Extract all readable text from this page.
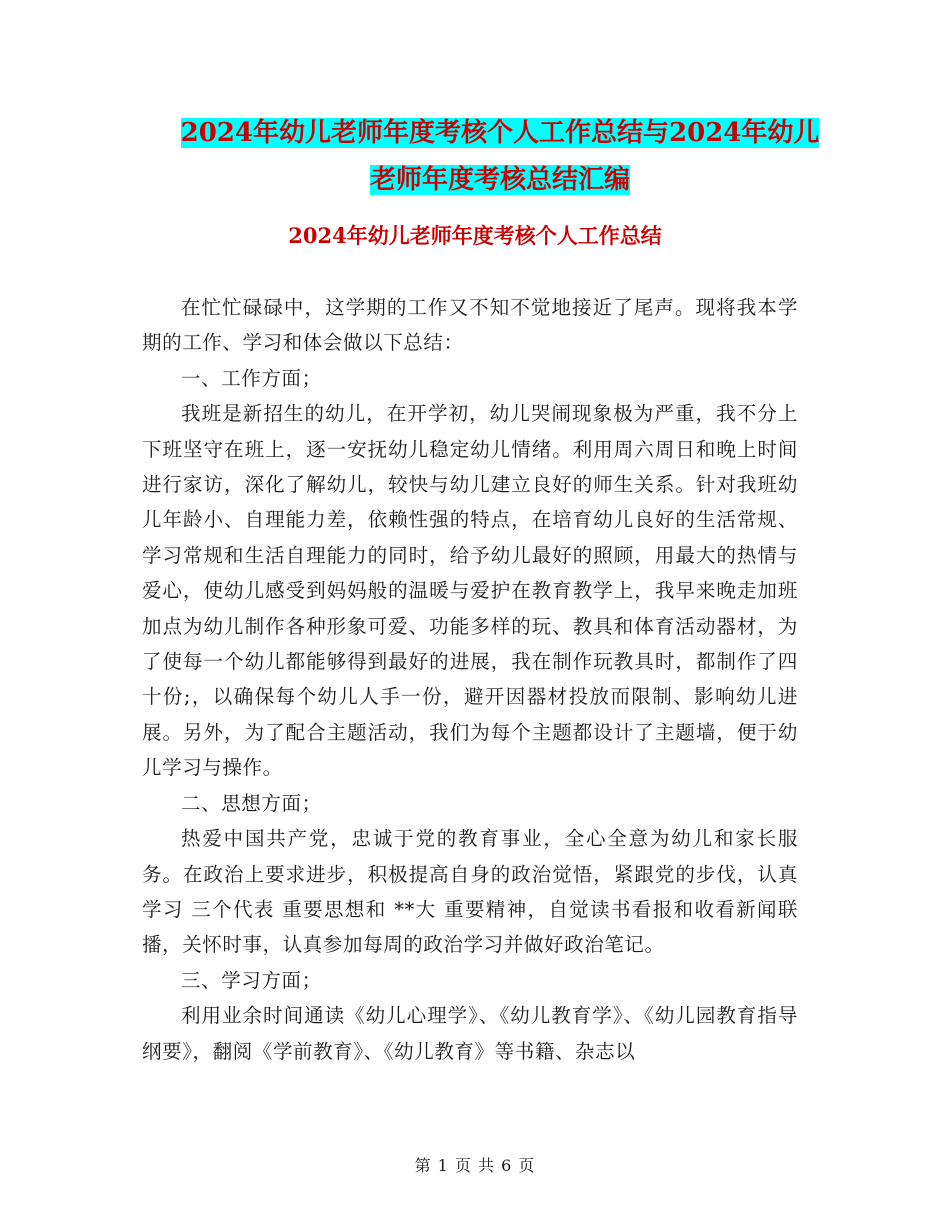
2024年幼儿老师年度考核个人工作总结与2024年幼儿
老师年度考核总结汇编
2024年幼儿老师年度考核个人工作总结

在忙忙碌碌中，这学期的工作又不知不觉地接近了尾声。现将我本学期的工作、学习和体会做以下总结：

一、工作方面；

我班是新招生的幼儿，在开学初，幼儿哭闹现象极为严重，我不分上下班坚守在班上，逐一安抚幼儿稳定幼儿情绪。利用周六周日和晚上时间进行家访，深化了解幼儿，较快与幼儿建立良好的师生关系。针对我班幼儿年龄小、自理能力差，依赖性强的特点，在培育幼儿良好的生活常规、学习常规和生活自理能力的同时，给予幼儿最好的照顾，用最大的热情与爱心，使幼儿感受到妈妈般的温暖与爱护在教育教学上，我早来晚走加班加点为幼儿制作各种形象可爱、功能多样的玩、教具和体育活动器材，为了使每一个幼儿都能够得到最好的进展，我在制作玩教具时，都制作了四十份;，以确保每个幼儿人手一份，避开因器材投放而限制、影响幼儿进展。另外，为了配合主题活动，我们为每个主题都设计了主题墙，便于幼儿学习与操作。

二、思想方面；

热爱中国共产党，忠诚于党的教育事业，全心全意为幼儿和家长服务。在政治上要求进步，积极提高自身的政治觉悟，紧跟党的步伐，认真学习 三个代表 重要思想和 **大 重要精神，自觉读书看报和收看新闻联播，关怀时事，认真参加每周的政治学习并做好政治笔记。

三、学习方面；

利用业余时间通读《幼儿心理学》、《幼儿教育学》、《幼儿园教育指导纲要》，翻阅《学前教育》、《幼儿教育》等书籍、杂志以

第 1 页 共 6 页
